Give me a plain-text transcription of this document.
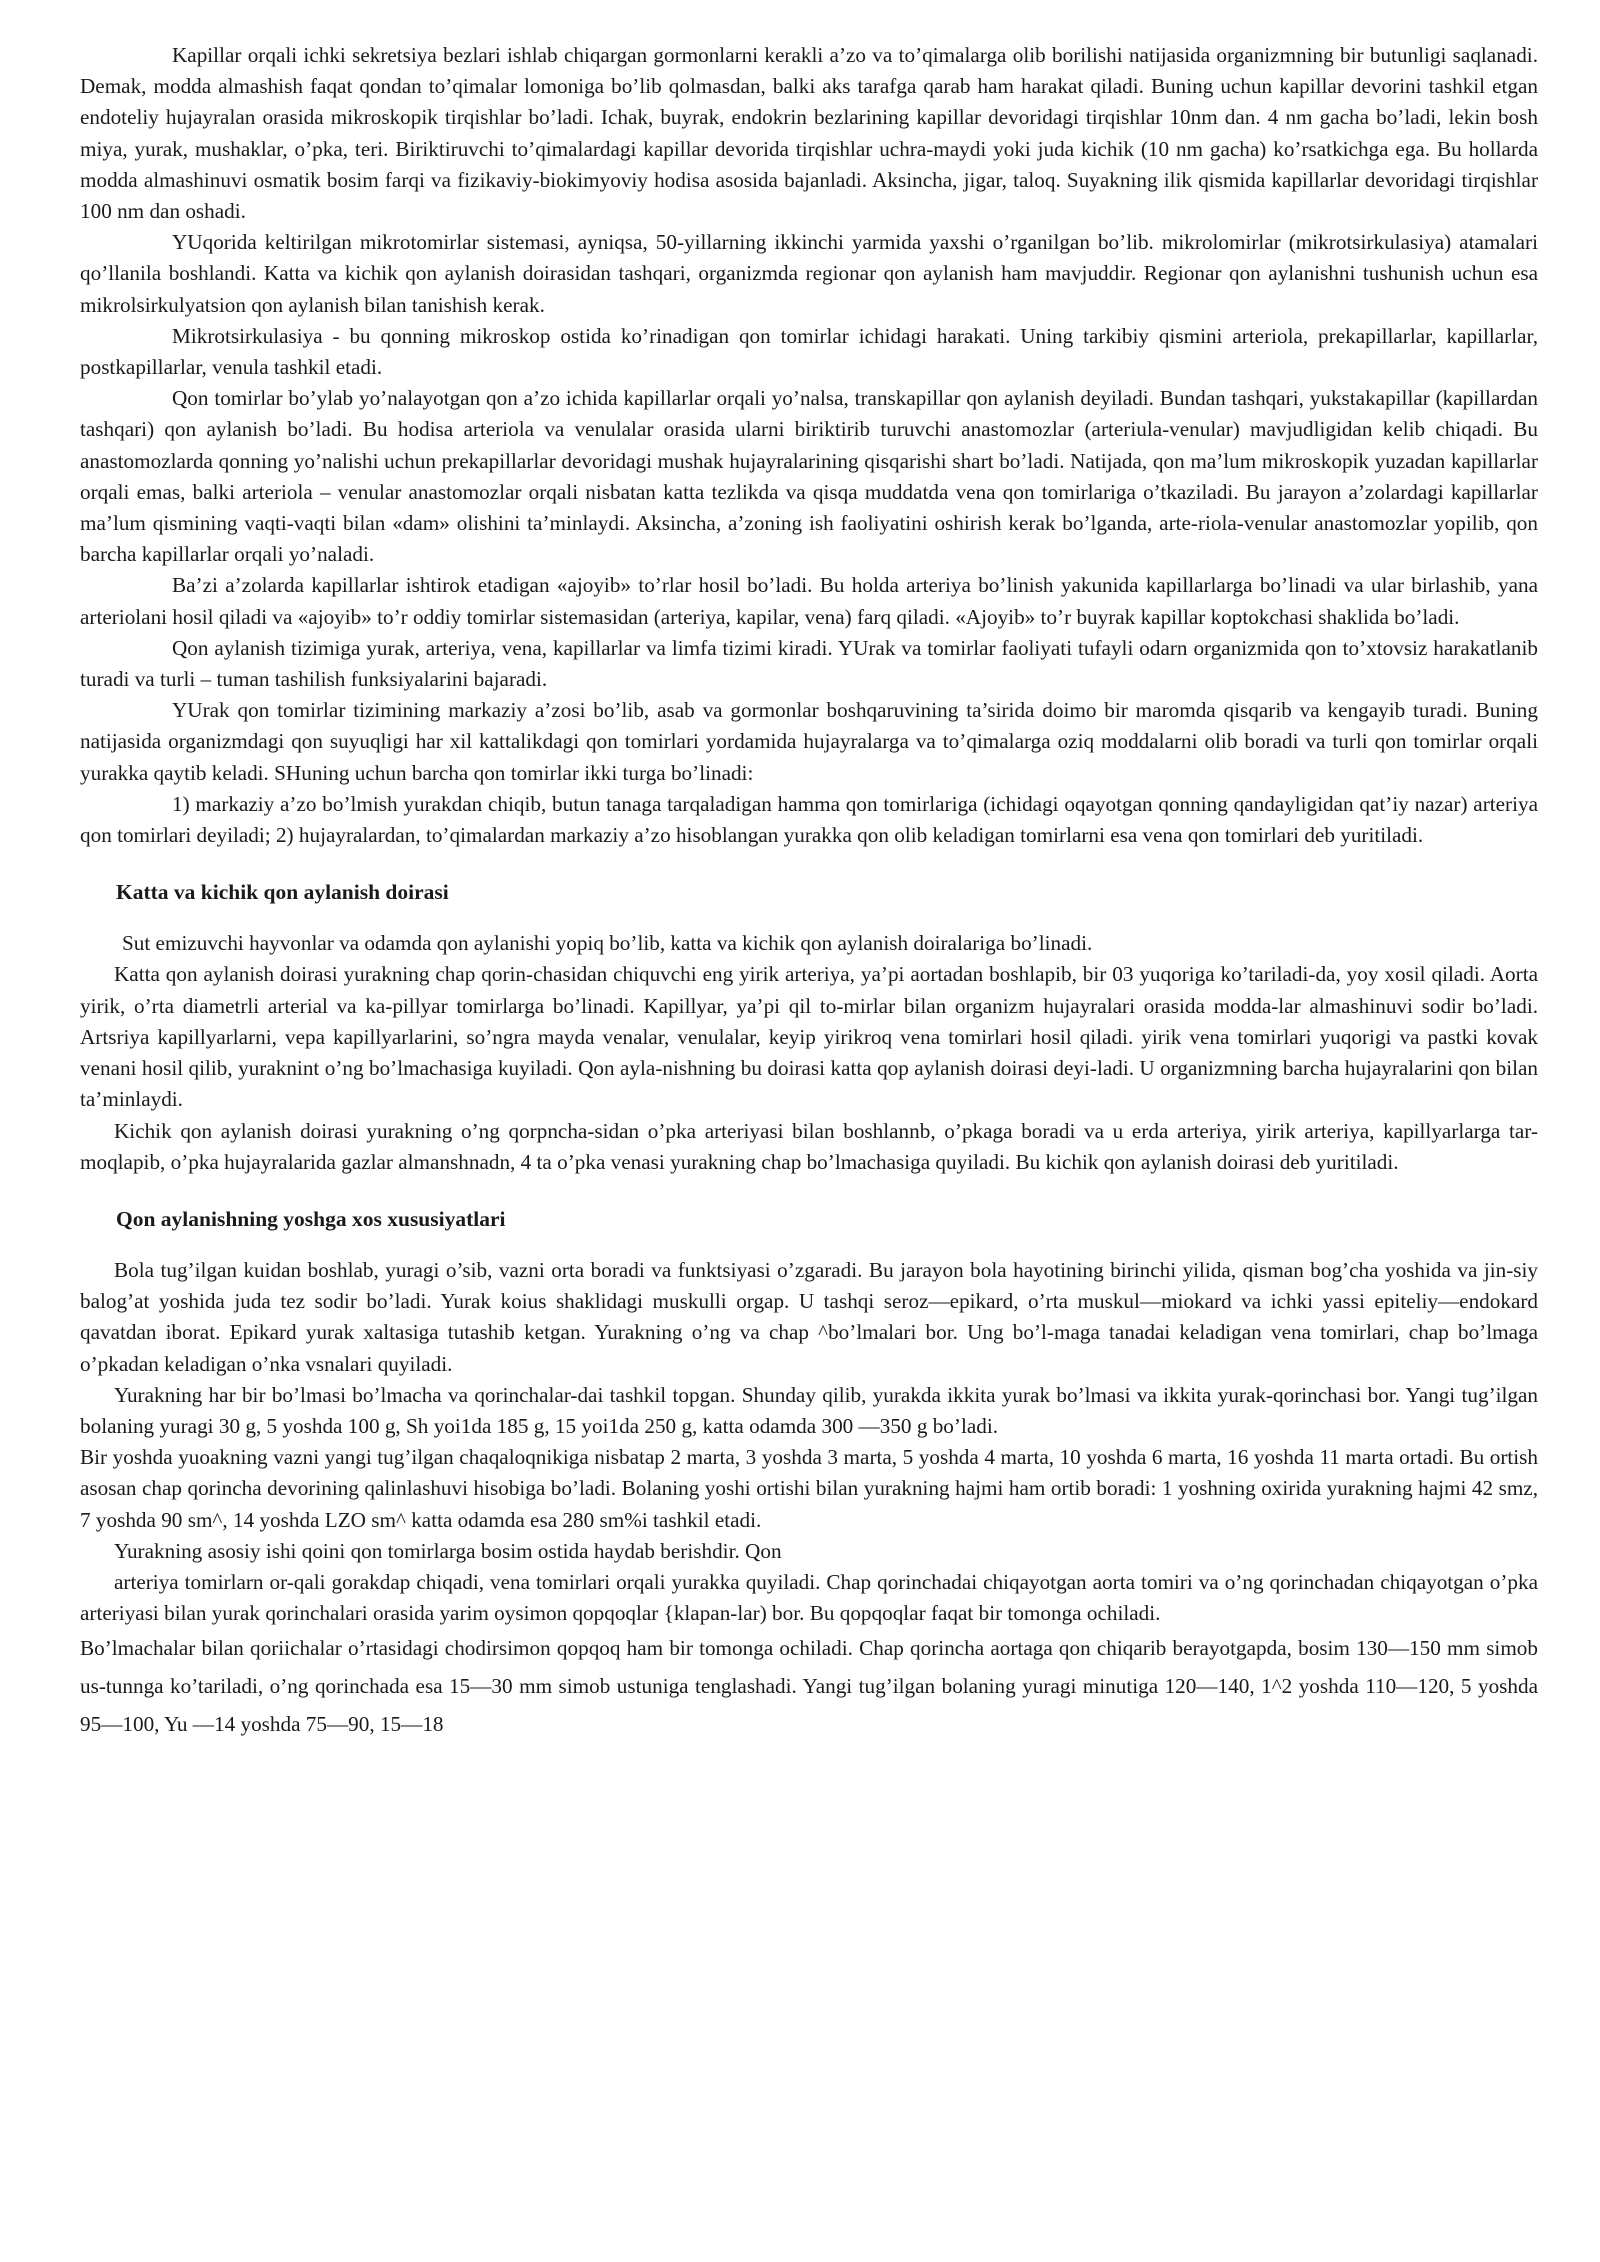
Kapillar orqali ichki sekretsiya bezlari ishlab chiqargan gormonlarni kerakli a’zo va to’qimalarga olib borilishi natijasida organizmning bir butunligi saqlanadi. Demak, modda almashish faqat qondan to’qimalar lomoniga bo’lib qolmasdan, balki aks tarafga qarab ham harakat qiladi. Buning uchun kapillar devorini tashkil etgan endoteliy hujayralan orasida mikroskopik tirqishlar bo’ladi. Ichak, buyrak, endokrin bezlarining kapillar devoridagi tirqishlar 10nm dan. 4 nm gacha bo’ladi, lekin bosh miya, yurak, mushaklar, o’pka, teri. Biriktiruvchi to’qimalardagi kapillar devorida tirqishlar uchra-maydi yoki juda kichik (10 nm gacha) ko’rsatkichga ega. Bu hollarda modda almashinuvi osmatik bosim farqi va fizikaviy-biokimyoviy hodisa asosida bajanladi. Aksincha, jigar, taloq. Suyakning ilik qismida kapillarlar devoridagi tirqishlar 100 nm dan oshadi.

YUqorida keltirilgan mikrotomirlar sistemasi, ayniqsa, 50-yillarning ikkinchi yarmida yaxshi o’rganilgan bo’lib. mikrolomirlar (mikrotsirkulasiya) atamalari qo’llanila boshlandi. Katta va kichik qon aylanish doirasidan tashqari, organizmda regionar qon aylanish ham mavjuddir. Regionar qon aylanishni tushunish uchun esa mikrolsirkulyatsion qon aylanish bilan tanishish kerak.

Mikrotsirkulasiya - bu qonning mikroskop ostida ko’rinadigan qon tomirlar ichidagi harakati. Uning tarkibiy qismini arteriola, prekapillarlar, kapillarlar, postkapillarlar, venula tashkil etadi.

Qon tomirlar bo’ylab yo’nalayotgan qon a’zo ichida kapillarlar orqali yo’nalsa, transkapillar qon aylanish deyiladi. Bundan tashqari, yukstakapillar (kapillardan tashqari) qon aylanish bo’ladi. Bu hodisa arteriola va venulalar orasida ularni biriktirib turuvchi anastomozlar (arteriula-venular) mavjudligidan kelib chiqadi. Bu anastomozlarda qonning yo’nalishi uchun prekapillarlar devoridagi mushak hujayralarining qisqarishi shart bo’ladi. Natijada, qon ma’lum mikroskopik yuzadan kapillarlar orqali emas, balki arteriola – venular anastomozlar orqali nisbatan katta tezlikda va qisqa muddatda vena qon tomirlariga o’tkaziladi. Bu jarayon a’zolardagi kapillarlar ma’lum qismining vaqti-vaqti bilan «dam» olishini ta’minlaydi. Aksincha, a’zoning ish faoliyatini oshirish kerak bo’lganda, arte-riola-venular anastomozlar yopilib, qon barcha kapillarlar orqali yo’naladi.

Ba’zi a’zolarda kapillarlar ishtirok etadigan «ajoyib» to’rlar hosil bo’ladi. Bu holda arteriya bo’linish yakunida kapillarlarga bo’linadi va ular birlashib, yana arteriolani hosil qiladi va «ajoyib» to’r oddiy tomirlar sistemasidan (arteriya, kapilar, vena) farq qiladi. «Ajoyib» to’r buyrak kapillar koptokchasi shaklida bo’ladi.

Qon aylanish tizimiga yurak, arteriya, vena, kapillarlar va limfa tizimi kiradi. YUrak va tomirlar faoliyati tufayli odarn organizmida qon to’xtovsiz harakatlanib turadi va turli – tuman tashilish funksiyalarini bajaradi.

YUrak qon tomirlar tizimining markaziy a’zosi bo’lib, asab va gormonlar boshqaruvining ta’sirida doimo bir maromda qisqarib va kengayib turadi. Buning natijasida organizmdagi qon suyuqligi har xil kattalikdagi qon tomirlari yordamida hujayralarga va to’qimalarga oziq moddalarni olib boradi va turli qon tomirlar orqali yurakka qaytib keladi. SHuning uchun barcha qon tomirlar ikki turga bo’linadi:

1) markaziy a’zo bo’lmish yurakdan chiqib, butun tanaga tarqaladigan hamma qon tomirlariga (ichidagi oqayotgan qonning qandayligidan qat’iy nazar) arteriya qon tomirlari deyiladi; 2) hujayralardan, to’qimalardan markaziy a’zo hisoblangan yurakka qon olib keladigan tomirlarni esa vena qon tomirlari deb yuritiladi.

Katta va kichik qon aylanish doirasi

Sut emizuvchi hayvonlar va odamda qon aylanishi yopiq bo’lib, katta va kichik qon aylanish doiralariga bo’linadi.

Katta qon aylanish doirasi yurakning chap qorin-chasidan chiquvchi eng yirik arteriya, ya’pi aortadan boshlapib, bir 03 yuqoriga ko’tariladi-da, yoy xosil qiladi. Aorta yirik, o’rta diametrli arterial va ka-pillyar tomirlarga bo’linadi. Kapillyar, ya’pi qil to-mirlar bilan organizm hujayralari orasida modda-lar almashinuvi sodir bo’ladi. Artsriya kapillyarlarni, vepa kapillyarlarini, so’ngra mayda venalar, venulalar, keyip yirikroq vena tomirlari hosil qiladi. yirik vena tomirlari yuqorigi va pastki kovak venani hosil qilib, yuraknint o’ng bo’lmachasiga kuyiladi. Qon ayla-nishning bu doirasi katta qop aylanish doirasi deyi-ladi. U organizmning barcha hujayralarini qon bilan ta’minlaydi.

Kichik qon aylanish doirasi yurakning o’ng qorpncha-sidan o’pka arteriyasi bilan boshlannb, o’pkaga boradi va u erda arteriya, yirik arteriya, kapillyarlarga tar-moqlapib, o’pka hujayralarida gazlar almanshnadn, 4 ta o’pka venasi yurakning chap bo’lmachasiga quyiladi. Bu kichik qon aylanish doirasi deb yuritiladi.

Qon aylanishning yoshga xos xususiyatlari

Bola tug’ilgan kuidan boshlab, yuragi o’sib, vazni orta boradi va funktsiyasi o’zgaradi. Bu jarayon bola hayotining birinchi yilida, qisman bog’cha yoshida va jin-siy balog’at yoshida juda tez sodir bo’ladi. Yurak koius shaklidagi muskulli orgap. U tashqi seroz—epikard, o’rta muskul—miokard va ichki yassi epiteliy—endokard qavatdan iborat. Epikard yurak xaltasiga tutashib ketgan. Yurakning o’ng va chap ^bo’lmalari bor. Ung bo’l-maga tanadai keladigan vena tomirlari, chap bo’lmaga o’pkadan keladigan o’nka vsnalari quyiladi.

Yurakning har bir bo’lmasi bo’lmacha va qorinchalar-dai tashkil topgan. Shunday qilib, yurakda ikkita yurak bo’lmasi va ikkita yurak-qorinchasi bor. Yangi tug’ilgan bolaning yuragi 30 g, 5 yoshda 100 g, Sh yoi1da 185 g, 15 yoi1da 250 g, katta odamda 300 —350 g bo’ladi.

Bir yoshda yuoakning vazni yangi tug’ilgan chaqaloqnikiga nisbatap 2 marta, 3 yoshda 3 marta, 5 yoshda 4 marta, 10 yoshda 6 marta, 16 yoshda 11 marta ortadi. Bu ortish asosan chap qorincha devorining qalinlashuvi hisobiga bo’ladi. Bolaning yoshi ortishi bilan yurakning hajmi ham ortib boradi: 1 yoshning oxirida yurakning hajmi 42 smz, 7 yoshda 90 sm^, 14 yoshda LZO sm^ katta odamda esa 280 sm%i tashkil etadi.

Yurakning asosiy ishi qoini qon tomirlarga bosim ostida haydab berishdir. Qon

arteriya tomirlarn or-qali gorakdap chiqadi, vena tomirlari orqali yurakka quyiladi. Chap qorinchadai chiqayotgan aorta tomiri va o’ng qorinchadan chiqayotgan o’pka arteriyasi bilan yurak qorinchalari orasida yarim oysimon qopqoqlar {klapan-lar) bor. Bu qopqoqlar faqat bir tomonga ochiladi.

Bo’lmachalar bilan qoriichalar o’rtasidagi chodirsimon qopqoq ham bir tomonga ochiladi. Chap qorincha aortaga qon chiqarib berayotgapda, bosim 130—150 mm simob us-tunnga ko’tariladi, o’ng qorinchada esa 15—30 mm simob ustuniga tenglashadi. Yangi tug’ilgan bolaning yuragi minutiga 120—140, 1^2 yoshda 110—120, 5 yoshda 95—100, Yu —14 yoshda 75—90, 15—18
